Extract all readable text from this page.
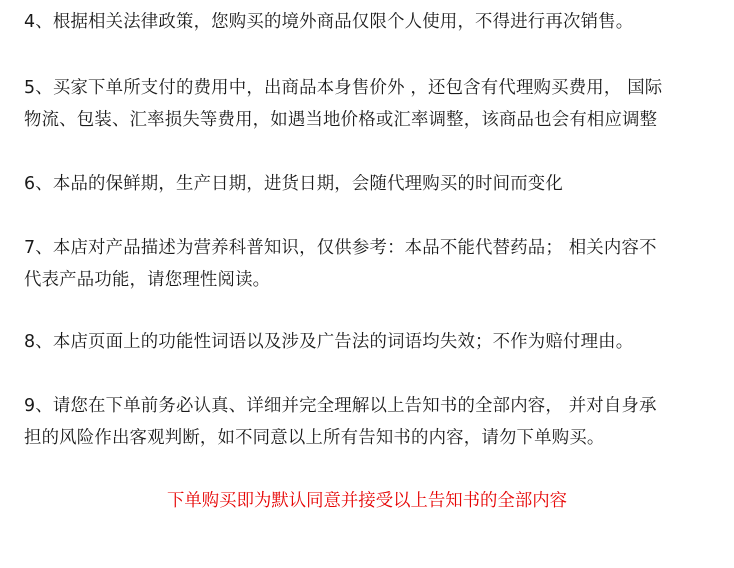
4、根据相关法律政策，您购买的境外商品仅限个人使用，不得进行再次销售。

5、买家下单所支付的费用中，出商品本身售价外 ，还包含有代理购买费用， 国际
物流、包装、汇率损失等费用，如遇当地价格或汇率调整，该商品也会有相应调整

6、本品的保鲜期，生产日期，进货日期，会随代理购买的时间而变化

7、本店对产品描述为营养科普知识，仅供参考：本品不能代替药品； 相关内容不
代表产品功能，请您理性阅读。

8、本店页面上的功能性词语以及涉及广告法的词语均失效；不作为赔付理由。

9、请您在下单前务必认真、详细并完全理解以上告知书的全部内容， 并对自身承
担的风险作出客观判断，如不同意以上所有告知书的内容，请勿下单购买。

下单购买即为默认同意并接受以上告知书的全部内容
